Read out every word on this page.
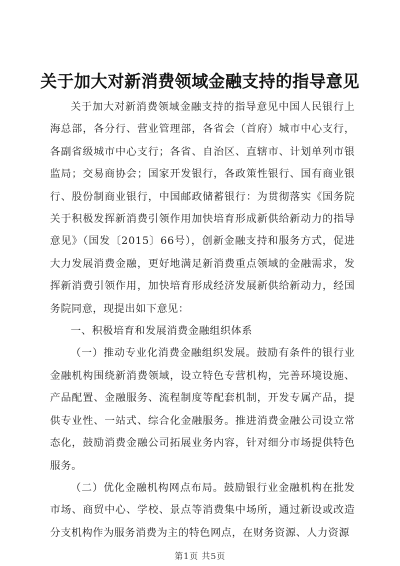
关于加大对新消费领域金融支持的指导意见

关于加大对新消费领域金融支持的指导意见中国人民银行上海总部，各分行、营业管理部，各省会（首府）城市中心支行，各副省级城市中心支行；各省、自治区、直辖市、计划单列市银监局；交易商协会；国家开发银行，各政策性银行、国有商业银行、股份制商业银行，中国邮政储蓄银行：为贯彻落实《国务院关于积极发挥新消费引领作用加快培育形成新供给新动力的指导意见》（国发〔2015〕66号），创新金融支持和服务方式，促进大力发展消费金融，更好地满足新消费重点领域的金融需求，发挥新消费引领作用，加快培育形成经济发展新供给新动力，经国务院同意，现提出如下意见：

一、积极培育和发展消费金融组织体系

（一）推动专业化消费金融组织发展。鼓励有条件的银行业金融机构围绕新消费领域，设立特色专营机构，完善环境设施、产品配置、金融服务、流程制度等配套机制，开发专属产品，提供专业性、一站式、综合化金融服务。推进消费金融公司设立常态化，鼓励消费金融公司拓展业务内容，针对细分市场提供特色服务。

（二）优化金融机构网点布局。鼓励银行业金融机构在批发市场、商贸中心、学校、景点等消费集中场所，通过新设或改造分支机构作为服务消费为主的特色网点，在财务资源、人力资源

第1页 共5页
